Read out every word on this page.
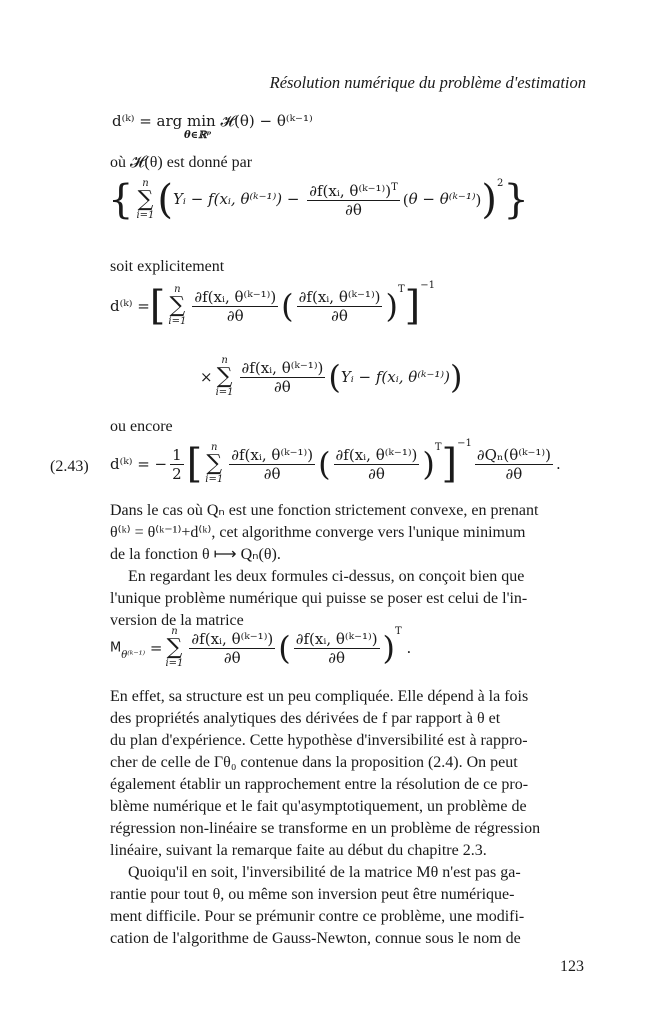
Résolution numérique du problème d'estimation
d⁽ᵏ⁾ = arg min 𝓗(θ) − θ⁽ᵏ⁻¹⁾
θ∈ℝᵖ

où 𝓗(θ) est donné par

{ n
∑
i=1 (Yᵢ − f(xᵢ, θ⁽ᵏ⁻¹⁾) − $\frac{\partial f(xᵢ, \theta^(ᵏ^{-1)})^T}{\partial\theta} (\theta$ − θ⁽ᵏ⁻¹⁾))$^2$}

soit explicitement

d⁽ᵏ⁾ =[ n
∑
$i=1 \frac{\text{∂f(xᵢ, θ⁽ᵏ⁻¹⁾)}}{\partial\theta}$ ( $\frac{\text{∂f(xᵢ, θ⁽ᵏ⁻¹⁾)}}{\partial\theta} )^T]^{-1}$
×
n
∑
$i=1 \frac{\text{∂f(xᵢ, θ⁽ᵏ⁻¹⁾)}}{\partial\theta}$ (Yᵢ − f(xᵢ, θ⁽ᵏ⁻¹⁾))

ou encore

(2.43) d⁽ᵏ⁾ = − $\frac{1}{2}$ [ n
∑
$i=1 \frac{\text{∂f(xᵢ, θ⁽ᵏ⁻¹⁾)}}{\partial\theta}$ ( $\frac{\text{∂f(xᵢ, θ⁽ᵏ⁻¹⁾)}}{\partial\theta} )^T]^{-1}$
$\frac{\text{∂Qₙ(θ⁽ᵏ⁻¹⁾)}}{\partial\theta}$ .

Dans le cas où Qₙ est une fonction strictement convexe, en prenant

θ⁽ᵏ⁾ = θ⁽ᵏ⁻¹⁾+d⁽ᵏ⁾, cet algorithme converge vers l'unique minimum

de la fonction θ ⟼ Qₙ(θ).

En regardant les deux formules ci-dessus, on conçoit bien que

l'unique problème numérique qui puisse se poser est celui de l'in-

version de la matrice

$M_{\theta^(ᵏ^{-1)}}$ =
n
∑
$i=1 \frac{\text{∂f(xᵢ, θ⁽ᵏ⁻¹⁾)}}{\partial\theta}$ ( $\frac{\text{∂f(xᵢ, θ⁽ᵏ⁻¹⁾)}}{\partial\theta} )^T$ .

En effet, sa structure est un peu compliquée. Elle dépend à la fois

des propriétés analytiques des dérivées de f par rapport à θ et

du plan d'expérience. Cette hypothèse d'inversibilité est à rappro-

cher de celle de Γθ₀ contenue dans la proposition (2.4). On peut

également établir un rapprochement entre la résolution de ce pro-

blème numérique et le fait qu'asymptotiquement, un problème de

régression non-linéaire se transforme en un problème de régression

linéaire, suivant la remarque faite au début du chapitre 2.3.

Quoiqu'il en soit, l'inversibilité de la matrice Mθ n'est pas ga-

rantie pour tout θ, ou même son inversion peut être numérique-

ment difficile. Pour se prémunir contre ce problème, une modifi-

cation de l'algorithme de Gauss-Newton, connue sous le nom de

123
